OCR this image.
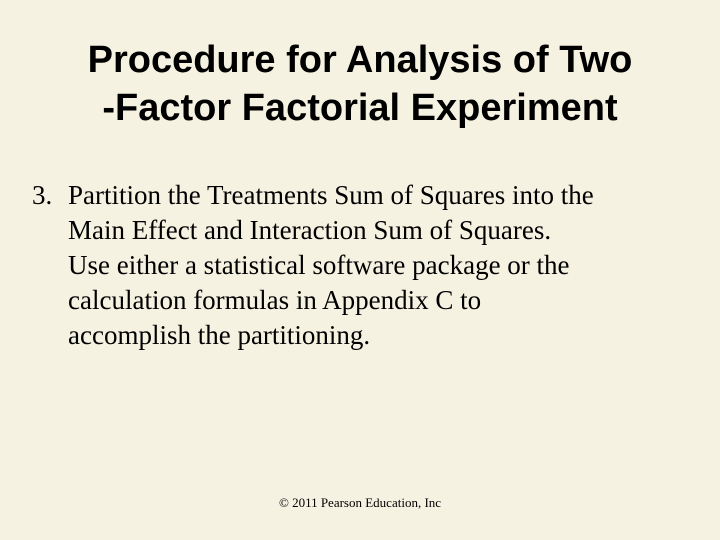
Procedure for Analysis of Two
-Factor Factorial Experiment
3. Partition the Treatments Sum of Squares into the
Main Effect and Interaction Sum of Squares.
Use either a statistical software package or the
calculation formulas in Appendix C to
accomplish the partitioning.
© 2011 Pearson Education, Inc
